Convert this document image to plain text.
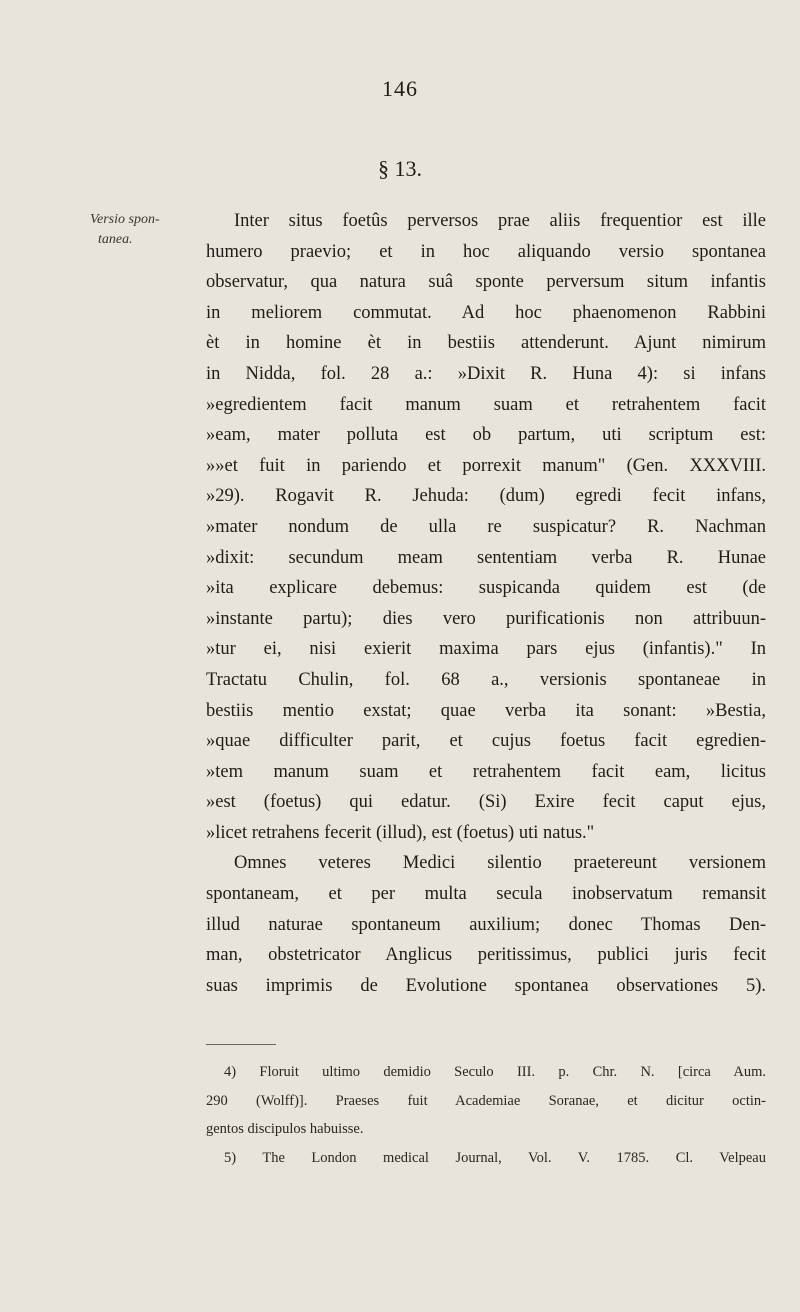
146
§ 13.
Versio spon-
tanea.
Inter situs foetûs perversos prae aliis frequentior est ille
humero praevio; et in hoc aliquando versio spontanea
observatur, qua natura suâ sponte perversum situm infantis
in meliorem commutat. Ad hoc phaenomenon Rabbini
èt in homine èt in bestiis attenderunt. Ajunt nimirum
in Nidda, fol. 28 a.: »Dixit R. Huna 4): si infans
»egredientem facit manum suam et retrahentem facit
»eam, mater polluta est ob partum, uti scriptum est:
»»et fuit in pariendo et porrexit manum" (Gen. XXXVIII.
»29). Rogavit R. Jehuda: (dum) egredi fecit infans,
»mater nondum de ulla re suspicatur? R. Nachman
»dixit: secundum meam sententiam verba R. Hunae
»ita explicare debemus: suspicanda quidem est (de
»instante partu); dies vero purificationis non attribuun-
»tur ei, nisi exierit maxima pars ejus (infantis)." In
Tractatu Chulin, fol. 68 a., versionis spontaneae in
bestiis mentio exstat; quae verba ita sonant: »Bestia,
»quae difficulter parit, et cujus foetus facit egredien-
»tem manum suam et retrahentem facit eam, licitus
»est (foetus) qui edatur. (Si) Exire fecit caput ejus,
»licet retrahens fecerit (illud), est (foetus) uti natus."
Omnes veteres Medici silentio praetereunt versionem
spontaneam, et per multa secula inobservatum remansit
illud naturae spontaneum auxilium; donec Thomas Den-
man, obstetricator Anglicus peritissimus, publici juris fecit
suas imprimis de Evolutione spontanea observationes 5).
4) Floruit ultimo demidio Seculo III. p. Chr. N. [circa Aum.
290 (Wolff)]. Praeses fuit Academiae Soranae, et dicitur octin-
gentos discipulos habuisse.
5) The London medical Journal, Vol. V. 1785. Cl. Velpeau
